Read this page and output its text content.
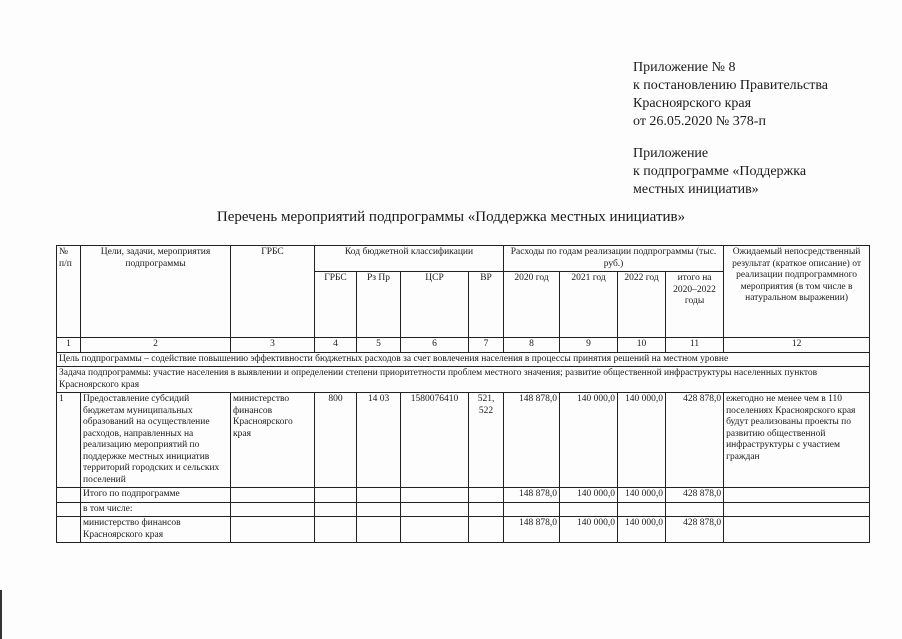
Приложение № 8
к постановлению Правительства
Красноярского края
от 26.05.2020 № 378-п
Приложение
к подпрограмме «Поддержка
местных инициатив»
Перечень мероприятий подпрограммы «Поддержка местных инициатив»
№ п/п	Цели, задачи, мероприятия подпрограммы	ГРБС	Код бюджетной классификации				Расходы по годам реализации подпрограммы (тыс. руб.)				Ожидаемый непосредственный результат (краткое описание) от реализации подпрограммного мероприятия (в том числе в натуральном выражении)
			ГРБС	Рз Пр	ЦСР	ВР	2020 год	2021 год	2022 год	итого на 2020–2022 годы	
1	2	3	4	5	6	7	8	9	10	11	12
Цель подпрограммы – содействие повышению эффективности бюджетных расходов за счет вовлечения населения в процессы принятия решений на местном уровне											
Задача подпрограммы: участие населения в выявлении и определении степени приоритетности проблем местного значения; развитие общественной инфраструктуры населенных пунктов Красноярского края											
1	Предоставление субсидий бюджетам муниципальных образований на осуществление расходов, направленных на реализацию мероприятий по поддержке местных инициатив территорий городских и сельских поселений	министерство финансов Красноярского края	800	14 03	1580076410	521, 522	148 878,0	140 000,0	140 000,0	428 878,0	ежегодно не менее чем в 110 поселениях Красноярского края будут реализованы проекты по развитию общественной инфраструктуры с участием граждан
	Итого по подпрограмме						148 878,0	140 000,0	140 000,0	428 878,0	
	в том числе:										
	министерство финансов Красноярского края						148 878,0	140 000,0	140 000,0	428 878,0	
